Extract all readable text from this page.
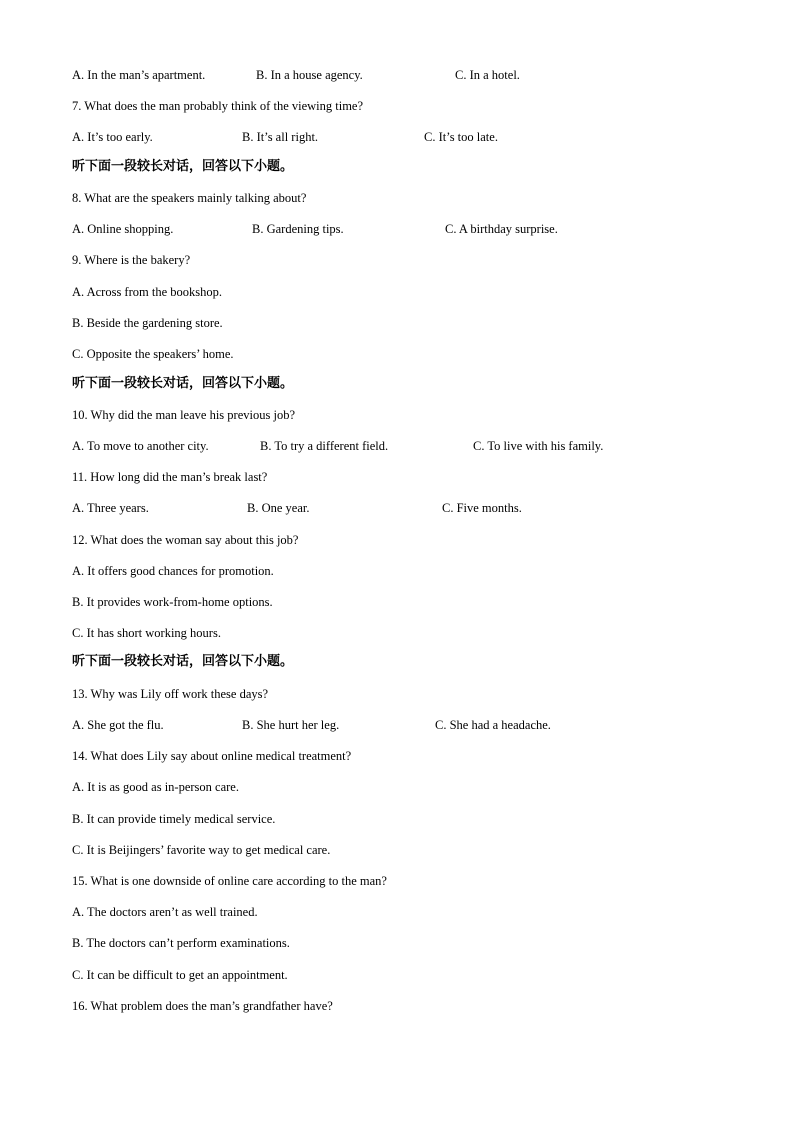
A. In the man’s apartment.	B. In a house agency.	C. In a hotel.
7. What does the man probably think of the viewing time?
A. It’s too early.	B. It’s all right.	C. It’s too late.
听下面一段较长对话，回答以下小题。
8. What are the speakers mainly talking about?
A. Online shopping.	B. Gardening tips.	C. A birthday surprise.
9. Where is the bakery?
A. Across from the bookshop.
B. Beside the gardening store.
C. Opposite the speakers’ home.
听下面一段较长对话，回答以下小题。
10. Why did the man leave his previous job?
A. To move to another city.	B. To try a different field.	C. To live with his family.
11. How long did the man’s break last?
A. Three years.	B. One year.	C. Five months.
12. What does the woman say about this job?
A. It offers good chances for promotion.
B. It provides work-from-home options.
C. It has short working hours.
听下面一段较长对话，回答以下小题。
13. Why was Lily off work these days?
A. She got the flu.	B. She hurt her leg.	C. She had a headache.
14. What does Lily say about online medical treatment?
A. It is as good as in-person care.
B. It can provide timely medical service.
C. It is Beijingers’ favorite way to get medical care.
15. What is one downside of online care according to the man?
A. The doctors aren’t as well trained.
B. The doctors can’t perform examinations.
C. It can be difficult to get an appointment.
16. What problem does the man’s grandfather have?
